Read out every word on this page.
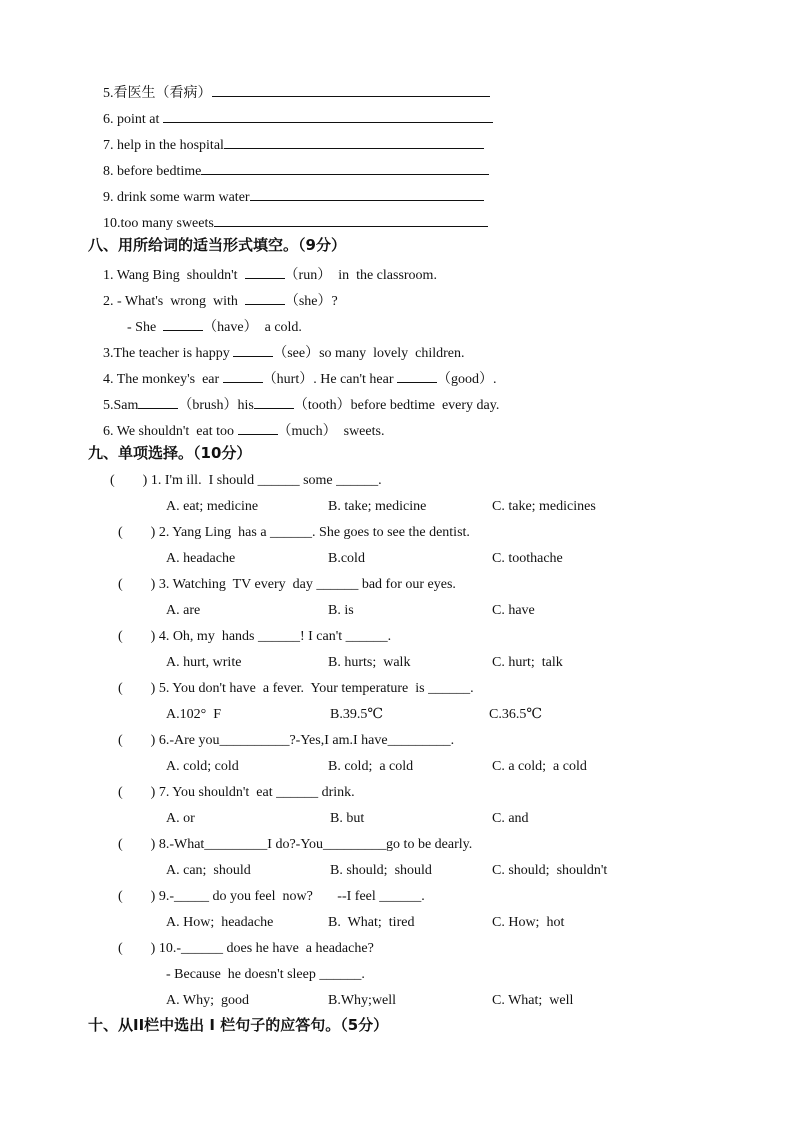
5.看医生（看病）
6. point at
7. help in the hospital
8. before bedtime
9. drink some warm water
10.too many sweets
八、用所给词的适当形式填空。（9分）
1. Wang Bing  shouldn't	（run）  in  the classroom.
2. - What's  wrong  with	（she）?
- She	（have）  a cold.
3.The teacher is happy	（see）so many  lovely  children.
4. The monkey's  ear	（hurt）. He can't hear	（good）.
5.Sam	（brush）his	（tooth）before bedtime  every day.
6. We shouldn't  eat too	（much）  sweets.
九、单项选择。（10分）
(        ) 1. I'm ill.  I should ______ some ______.
A. eat; medicine	B. take; medicine	C. take; medicines
(        ) 2. Yang Ling  has a ______. She goes to see the dentist.
A. headache	B.cold	C. toothache
(        ) 3. Watching  TV every  day ______ bad for our eyes.
A. are	B. is	C. have
(        ) 4. Oh, my  hands ______! I can't ______.
A. hurt, write	B. hurts;  walk	C. hurt;  talk
(        ) 5. You don't have  a fever.  Your temperature  is ______.
A.102°  F	B.39.5℃	C.36.5℃
(        ) 6.-Are you__________?-Yes,I am.I have_________.
A. cold; cold	B. cold;  a cold	C. a cold;  a cold
(        ) 7. You shouldn't  eat ______ drink.
A. or	B. but	C. and
(        ) 8.-What_________I do?-You_________go to be dearly.
A. can;  should	B. should;  should	C. should;  shouldn't
(        ) 9.-_____ do you feel  now?       --I feel ______.
A. How;  headache	B.  What;  tired	C. How;  hot
(        ) 10.-______ does he have  a headache?
- Because  he doesn't sleep ______.
A. Why;  good	B.Why;well	C. What;  well
十、从II栏中选出 I 栏句子的应答句。（5分）
